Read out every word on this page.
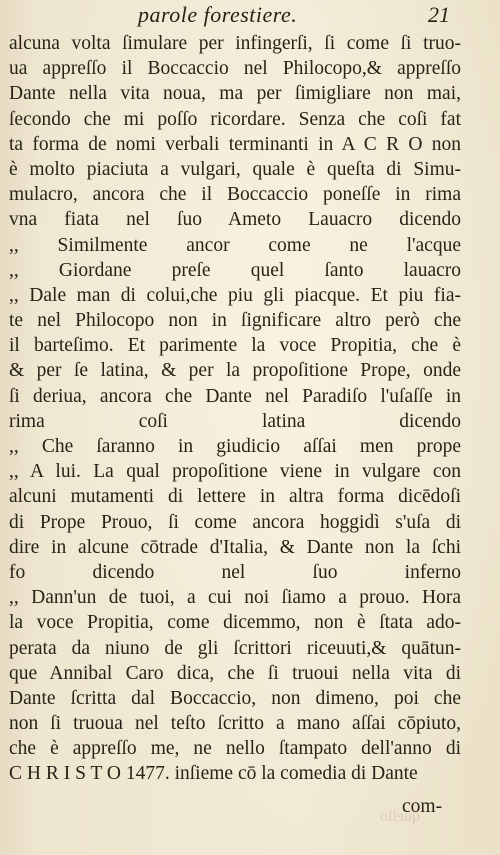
parole forestiere.	21
alcuna volta ſimulare per infingerſi, ſi come ſi truo-
ua appreſſo il Boccaccio nel Philocopo,& appreſſo
Dante nella vita noua, ma per ſimigliare non mai,
ſecondo che mi poſſo ricordare. Senza che coſi fat
ta forma de nomi verbali terminanti in A C R O non
è molto piaciuta a vulgari, quale è queſta di Simu-
mulacro, ancora che il Boccaccio poneſſe in rima
vna fiata nel ſuo Ameto Lauacro dicendo
,, Similmente ancor come ne l'acque
,, Giordane preſe quel ſanto lauacro
,, Dale man di colui,che piu gli piacque. Et piu fia-
te nel Philocopo non in ſignificare altro però che
il barteſimo. Et parimente la voce Propitia, che è
& per ſe latina, & per la propoſitione Prope, onde
ſi deriua, ancora che Dante nel Paradiſo l'uſaſſe in
rima coſi latina dicendo
,, Che ſaranno in giudicio aſſai men prope
,, A lui. La qual propoſitione viene in vulgare con
alcuni mutamenti di lettere in altra forma dicēdoſi
di Prope Prouo, ſi come ancora hoggidì s'uſa di
dire in alcune cōtrade d'Italia, & Dante non la ſchi
fo dicendo nel ſuo inferno
,, Dann'un de tuoi, a cui noi ſiamo a prouo. Hora
la voce Propitia, come dicemmo, non è ſtata ado-
perata da niuno de gli ſcrittori riceuuti,& quātun-
que Annibal Caro dica, che ſi truoui nella vita di
Dante ſcritta dal Boccaccio, non dimeno, poi che
non ſi truoua nel teſto ſcritto a mano aſſai cōpiuto,
che è appreſſo me, ne nello ſtampato dell'anno di
C H R I S T O 1477. inſieme cō la comedia di Dante
com-
quello
